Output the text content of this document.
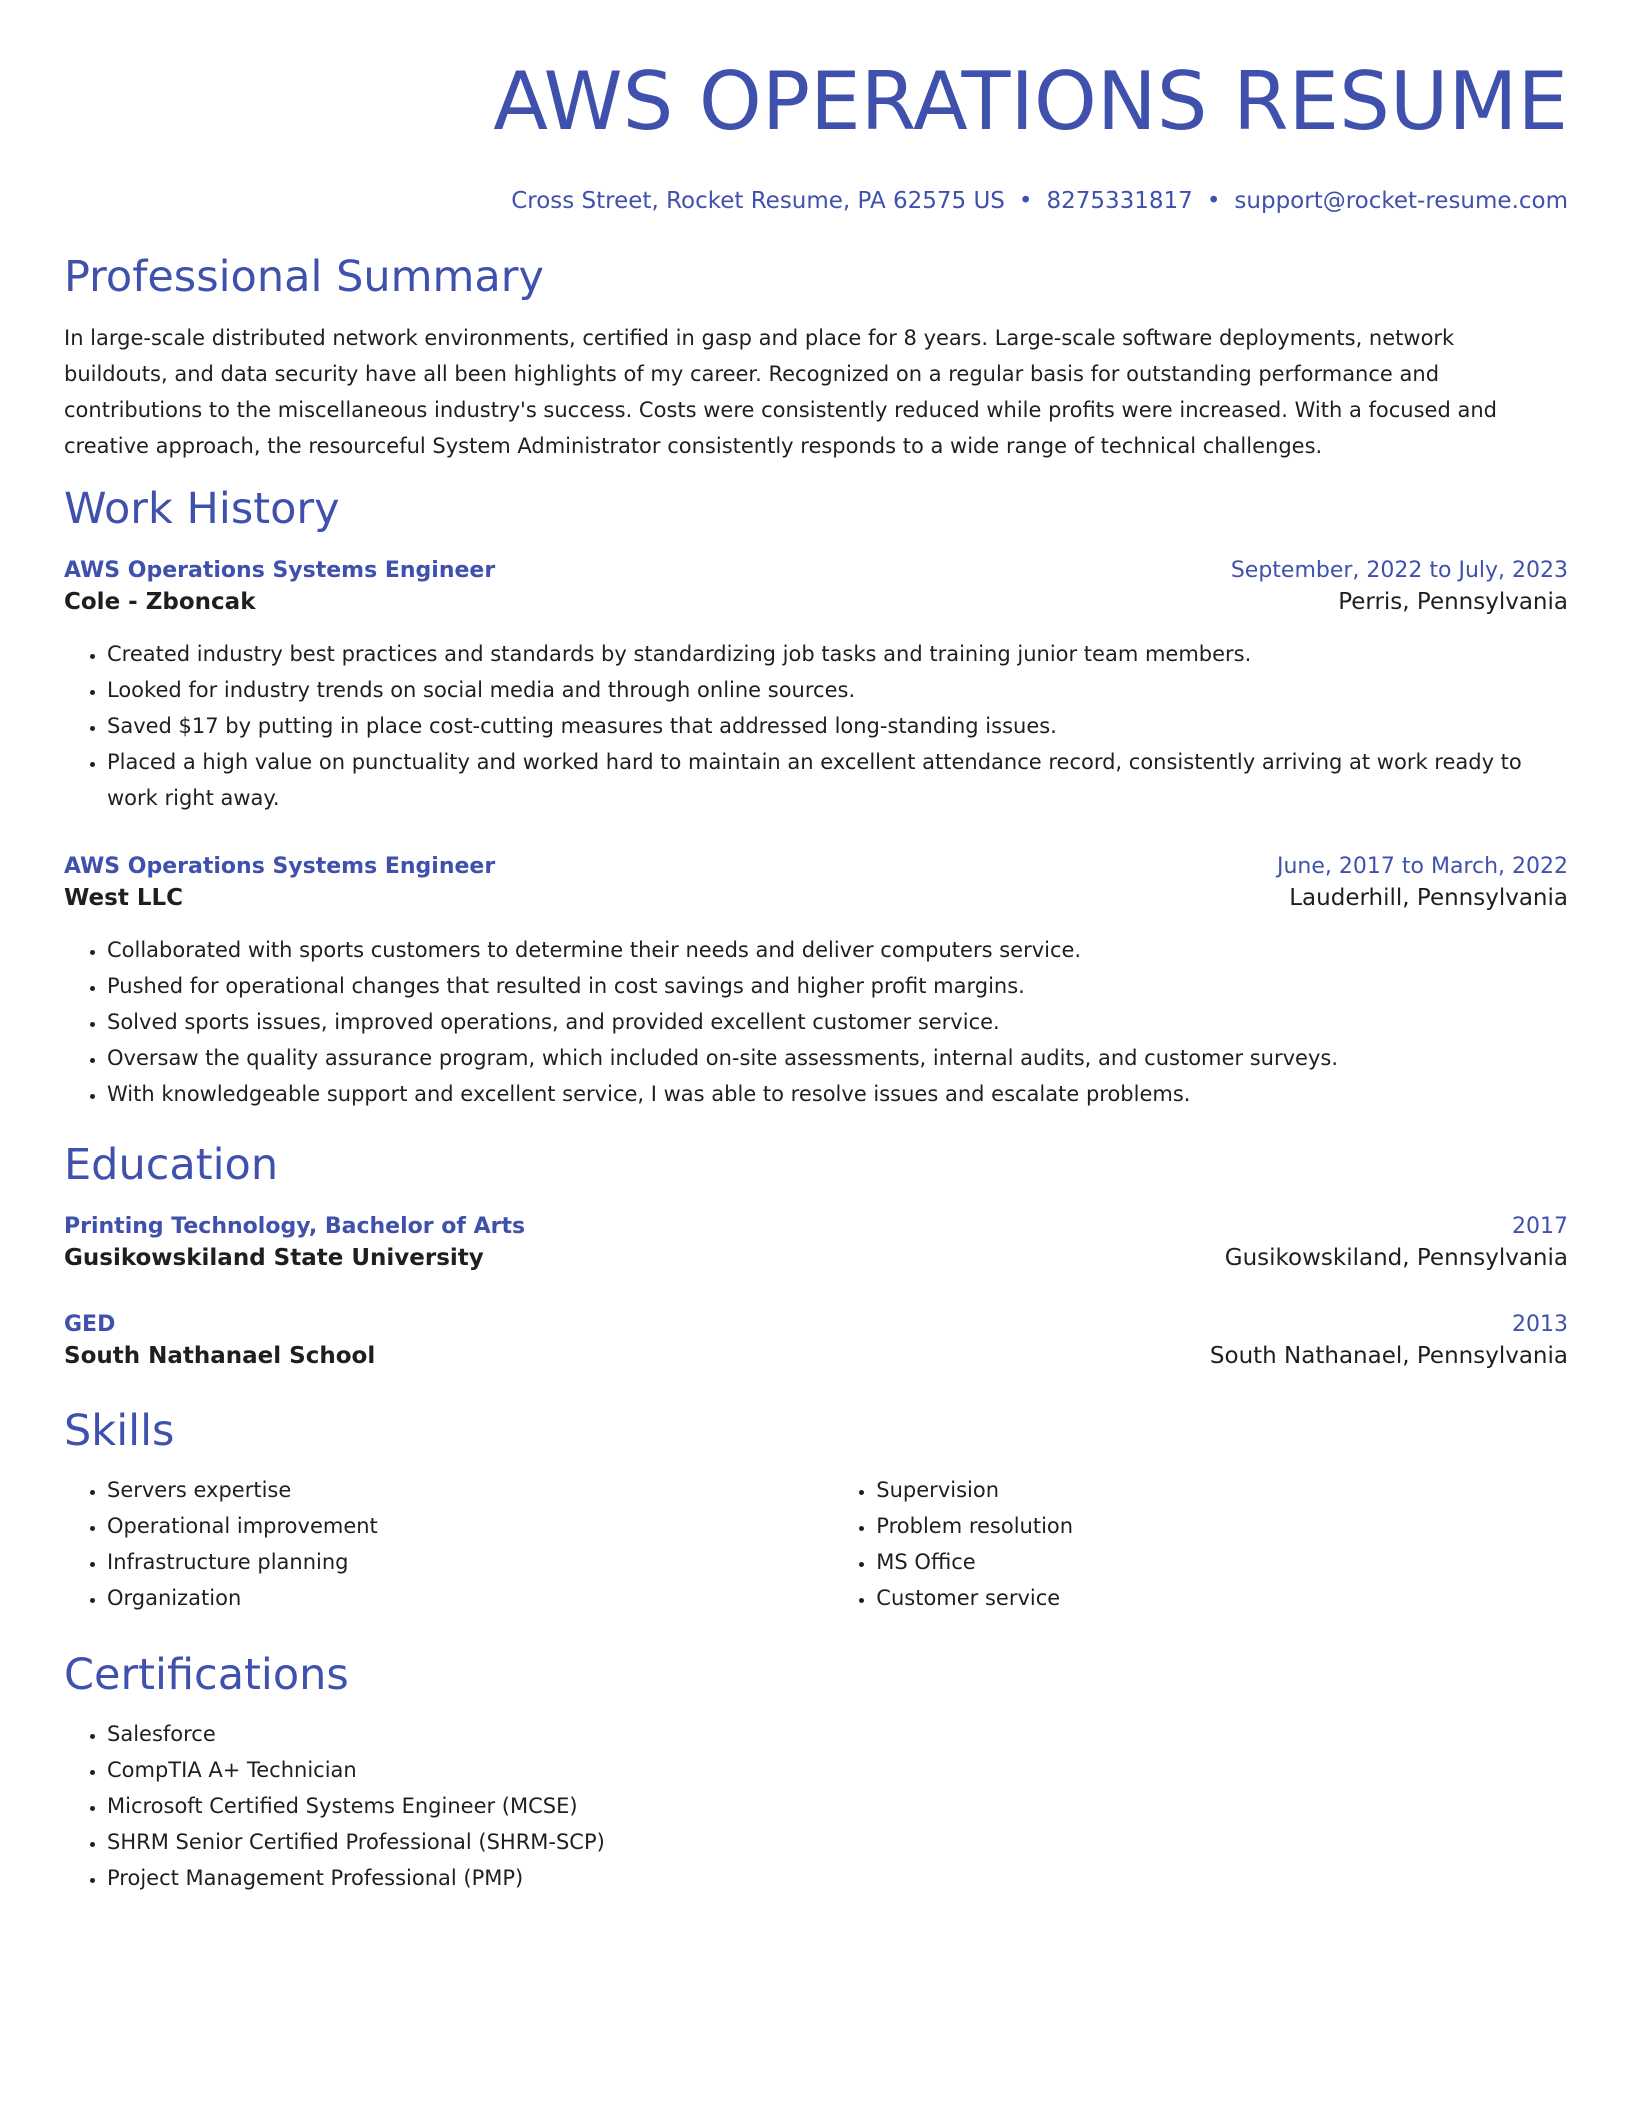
AWS OPERATIONS RESUME
Cross Street, Rocket Resume, PA 62575 US • 8275331817 • support@rocket-resume.com
Professional Summary
In large-scale distributed network environments, certified in gasp and place for 8 years. Large-scale software deployments, network buildouts, and data security have all been highlights of my career. Recognized on a regular basis for outstanding performance and contributions to the miscellaneous industry's success. Costs were consistently reduced while profits were increased. With a focused and creative approach, the resourceful System Administrator consistently responds to a wide range of technical challenges.
Work History
AWS Operations Systems Engineer	September, 2022 to July, 2023
Cole - Zboncak	Perris, Pennsylvania
• Created industry best practices and standards by standardizing job tasks and training junior team members.
• Looked for industry trends on social media and through online sources.
• Saved $17 by putting in place cost-cutting measures that addressed long-standing issues.
• Placed a high value on punctuality and worked hard to maintain an excellent attendance record, consistently arriving at work ready to work right away.
AWS Operations Systems Engineer	June, 2017 to March, 2022
West LLC	Lauderhill, Pennsylvania
• Collaborated with sports customers to determine their needs and deliver computers service.
• Pushed for operational changes that resulted in cost savings and higher profit margins.
• Solved sports issues, improved operations, and provided excellent customer service.
• Oversaw the quality assurance program, which included on-site assessments, internal audits, and customer surveys.
• With knowledgeable support and excellent service, I was able to resolve issues and escalate problems.
Education
Printing Technology, Bachelor of Arts	2017
Gusikowskiland State University	Gusikowskiland, Pennsylvania
GED	2013
South Nathanael School	South Nathanael, Pennsylvania
Skills
• Servers expertise
• Operational improvement
• Infrastructure planning
• Organization
• Supervision
• Problem resolution
• MS Office
• Customer service
Certifications
• Salesforce
• CompTIA A+ Technician
• Microsoft Certified Systems Engineer (MCSE)
• SHRM Senior Certified Professional (SHRM-SCP)
• Project Management Professional (PMP)
